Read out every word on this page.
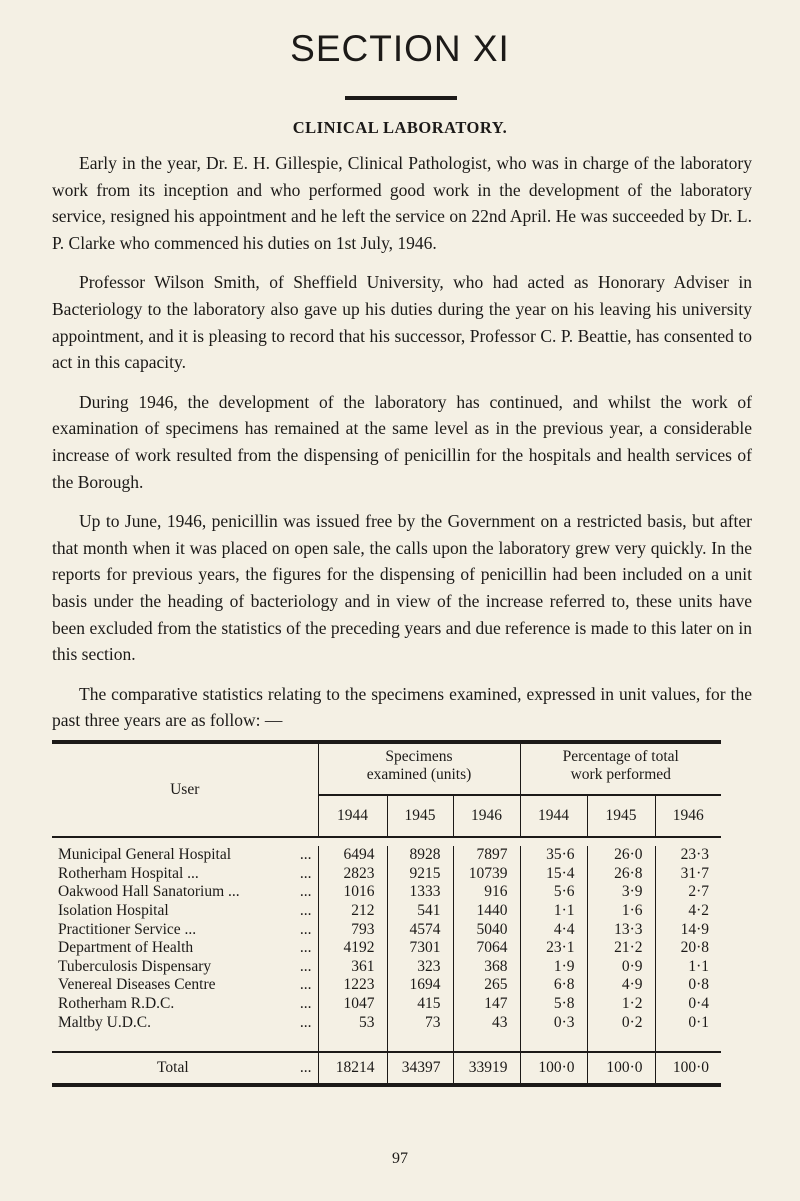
SECTION XI
CLINICAL LABORATORY.

Early in the year, Dr. E. H. Gillespie, Clinical Pathologist, who was in charge of the laboratory work from its inception and who performed good work in the development of the laboratory service, resigned his appointment and he left the service on 22nd April. He was succeeded by Dr. L. P. Clarke who commenced his duties on 1st July, 1946.

Professor Wilson Smith, of Sheffield University, who had acted as Honorary Adviser in Bacteriology to the laboratory also gave up his duties during the year on his leaving his university appointment, and it is pleasing to record that his successor, Professor C. P. Beattie, has consented to act in this capacity.

During 1946, the development of the laboratory has continued, and whilst the work of examination of specimens has remained at the same level as in the previous year, a considerable increase of work resulted from the dispensing of penicillin for the hospitals and health services of the Borough.

Up to June, 1946, penicillin was issued free by the Government on a restricted basis, but after that month when it was placed on open sale, the calls upon the laboratory grew very quickly. In the reports for previous years, the figures for the dispensing of penicillin had been included on a unit basis under the heading of bacteriology and in view of the increase referred to, these units have been excluded from the statistics of the preceding years and due reference is made to this later on in this section.

The comparative statistics relating to the specimens examined, expressed in unit values, for the past three years are as follow: —

User	Specimens examined (units)			Percentage of total work performed		
	1944	1945	1946	1944	1945	1946

Municipal General Hospital ...	6494	8928	7897	35·6	26·0	23·3
Rotherham Hospital ... ...	2823	9215	10739	15·4	26·8	31·7
Oakwood Hall Sanatorium ... ...	1016	1333	916	5·6	3·9	2·7
Isolation Hospital ...	212	541	1440	1·1	1·6	4·2
Practitioner Service ... ...	793	4574	5040	4·4	13·3	14·9
Department of Health ...	4192	7301	7064	23·1	21·2	20·8
Tuberculosis Dispensary ...	361	323	368	1·9	0·9	1·1
Venereal Diseases Centre ...	1223	1694	265	6·8	4·9	0·8
Rotherham R.D.C. ...	1047	415	147	5·8	1·2	0·4
Maltby U.D.C. ...	53	73	43	0·3	0·2	0·1

Total ...	18214	34397	33919	100·0	100·0	100·0
97
